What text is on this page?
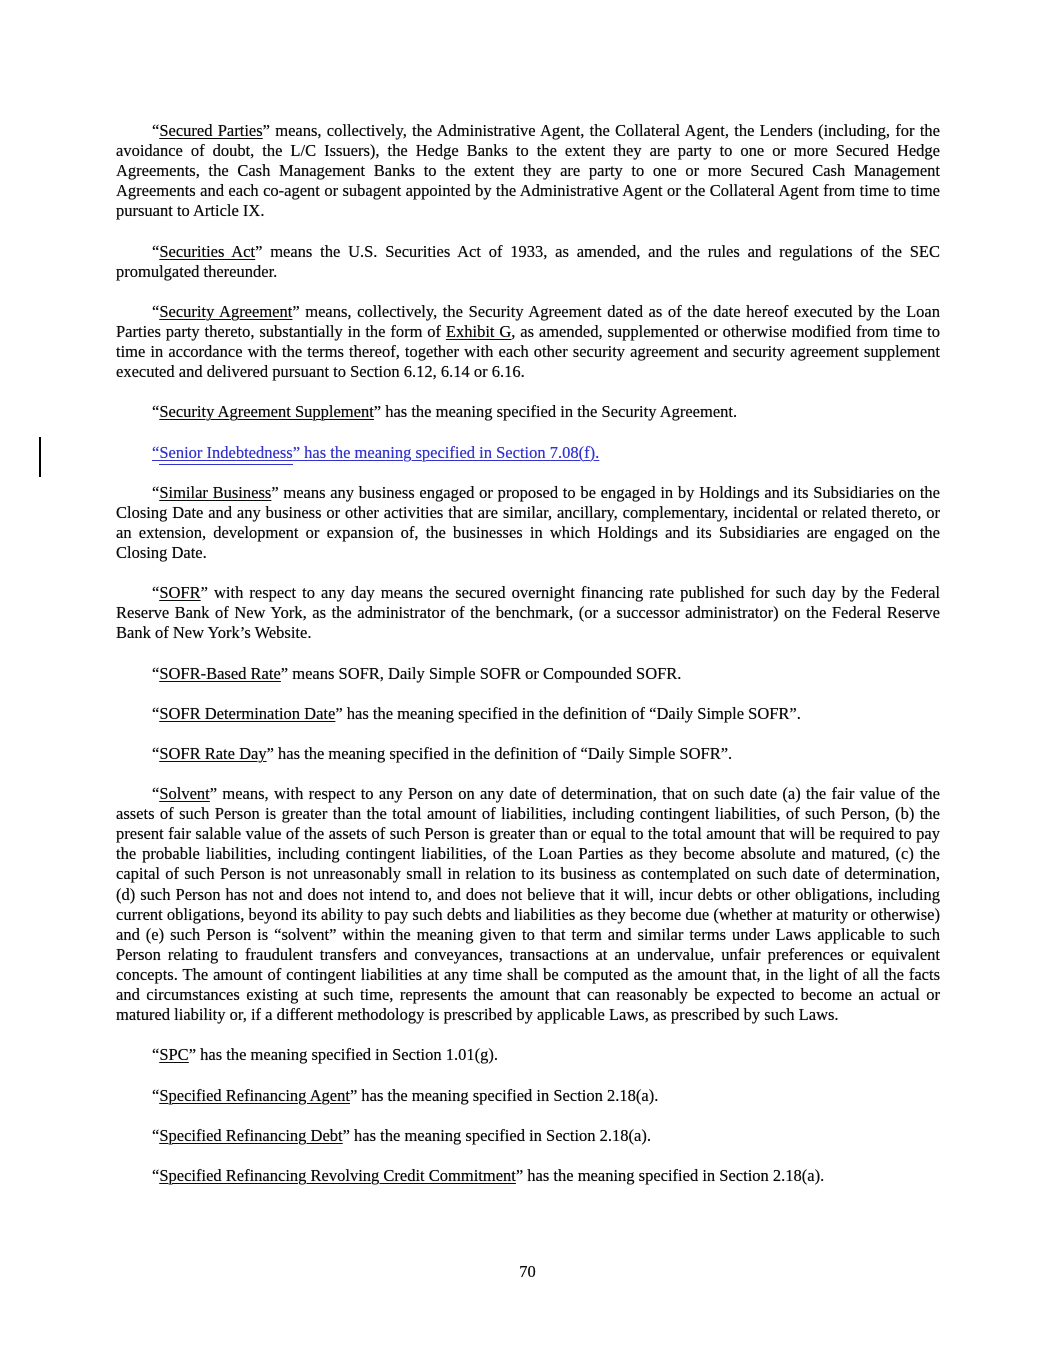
“Secured Parties” means, collectively, the Administrative Agent, the Collateral Agent, the Lenders (including, for the avoidance of doubt, the L/C Issuers), the Hedge Banks to the extent they are party to one or more Secured Hedge Agreements, the Cash Management Banks to the extent they are party to one or more Secured Cash Management Agreements and each co-agent or subagent appointed by the Administrative Agent or the Collateral Agent from time to time pursuant to Article IX.

“Securities Act” means the U.S. Securities Act of 1933, as amended, and the rules and regulations of the SEC promulgated thereunder.

“Security Agreement” means, collectively, the Security Agreement dated as of the date hereof executed by the Loan Parties party thereto, substantially in the form of Exhibit G, as amended, supplemented or otherwise modified from time to time in accordance with the terms thereof, together with each other security agreement and security agreement supplement executed and delivered pursuant to Section 6.12, 6.14 or 6.16.

“Security Agreement Supplement” has the meaning specified in the Security Agreement.

“Senior Indebtedness” has the meaning specified in Section 7.08(f).

“Similar Business” means any business engaged or proposed to be engaged in by Holdings and its Subsidiaries on the Closing Date and any business or other activities that are similar, ancillary, complementary, incidental or related thereto, or an extension, development or expansion of, the businesses in which Holdings and its Subsidiaries are engaged on the Closing Date.

“SOFR” with respect to any day means the secured overnight financing rate published for such day by the Federal Reserve Bank of New York, as the administrator of the benchmark, (or a successor administrator) on the Federal Reserve Bank of New York’s Website.

“SOFR-Based Rate” means SOFR, Daily Simple SOFR or Compounded SOFR.

“SOFR Determination Date” has the meaning specified in the definition of “Daily Simple SOFR”.

“SOFR Rate Day” has the meaning specified in the definition of “Daily Simple SOFR”.

“Solvent” means, with respect to any Person on any date of determination, that on such date (a) the fair value of the assets of such Person is greater than the total amount of liabilities, including contingent liabilities, of such Person, (b) the present fair salable value of the assets of such Person is greater than or equal to the total amount that will be required to pay the probable liabilities, including contingent liabilities, of the Loan Parties as they become absolute and matured, (c) the capital of such Person is not unreasonably small in relation to its business as contemplated on such date of determination, (d) such Person has not and does not intend to, and does not believe that it will, incur debts or other obligations, including current obligations, beyond its ability to pay such debts and liabilities as they become due (whether at maturity or otherwise) and (e) such Person is “solvent” within the meaning given to that term and similar terms under Laws applicable to such Person relating to fraudulent transfers and conveyances, transactions at an undervalue, unfair preferences or equivalent concepts. The amount of contingent liabilities at any time shall be computed as the amount that, in the light of all the facts and circumstances existing at such time, represents the amount that can reasonably be expected to become an actual or matured liability or, if a different methodology is prescribed by applicable Laws, as prescribed by such Laws.

“SPC” has the meaning specified in Section 1.01(g).

“Specified Refinancing Agent” has the meaning specified in Section 2.18(a).

“Specified Refinancing Debt” has the meaning specified in Section 2.18(a).

“Specified Refinancing Revolving Credit Commitment” has the meaning specified in Section 2.18(a).

70
